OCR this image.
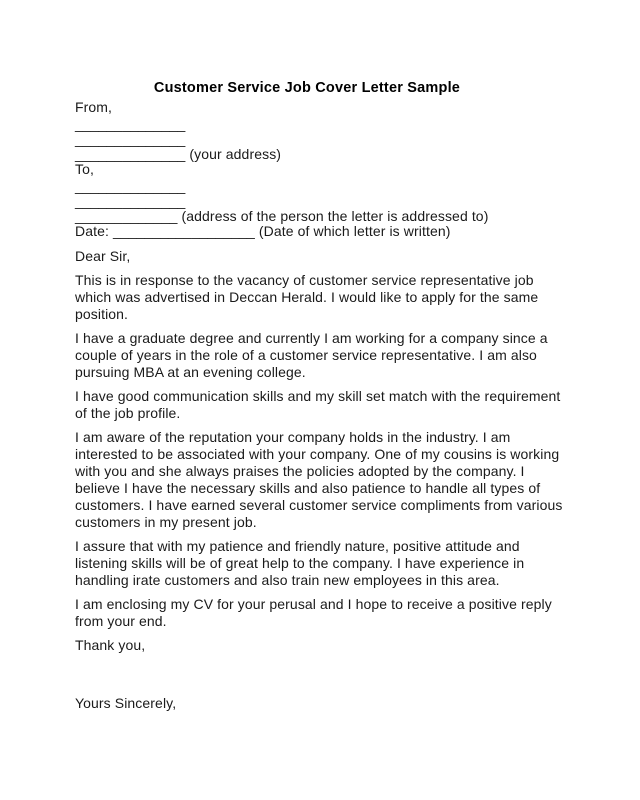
Customer Service Job Cover Letter Sample
From,
______________
______________
______________ (your address)
To,
______________
______________
_____________ (address of the person the letter is addressed to)
Date: __________________ (Date of which letter is written)

Dear Sir,

This is in response to the vacancy of customer service representative job which was advertised in Deccan Herald. I would like to apply for the same position.

I have a graduate degree and currently I am working for a company since a couple of years in the role of a customer service representative. I am also pursuing MBA at an evening college.

I have good communication skills and my skill set match with the requirement of the job profile.

I am aware of the reputation your company holds in the industry. I am interested to be associated with your company. One of my cousins is working with you and she always praises the policies adopted by the company. I believe I have the necessary skills and also patience to handle all types of customers. I have earned several customer service compliments from various customers in my present job.

I assure that with my patience and friendly nature, positive attitude and listening skills will be of great help to the company. I have experience in handling irate customers and also train new employees in this area.

I am enclosing my CV for your perusal and I hope to receive a positive reply from your end.

Thank you,

Yours Sincerely,
